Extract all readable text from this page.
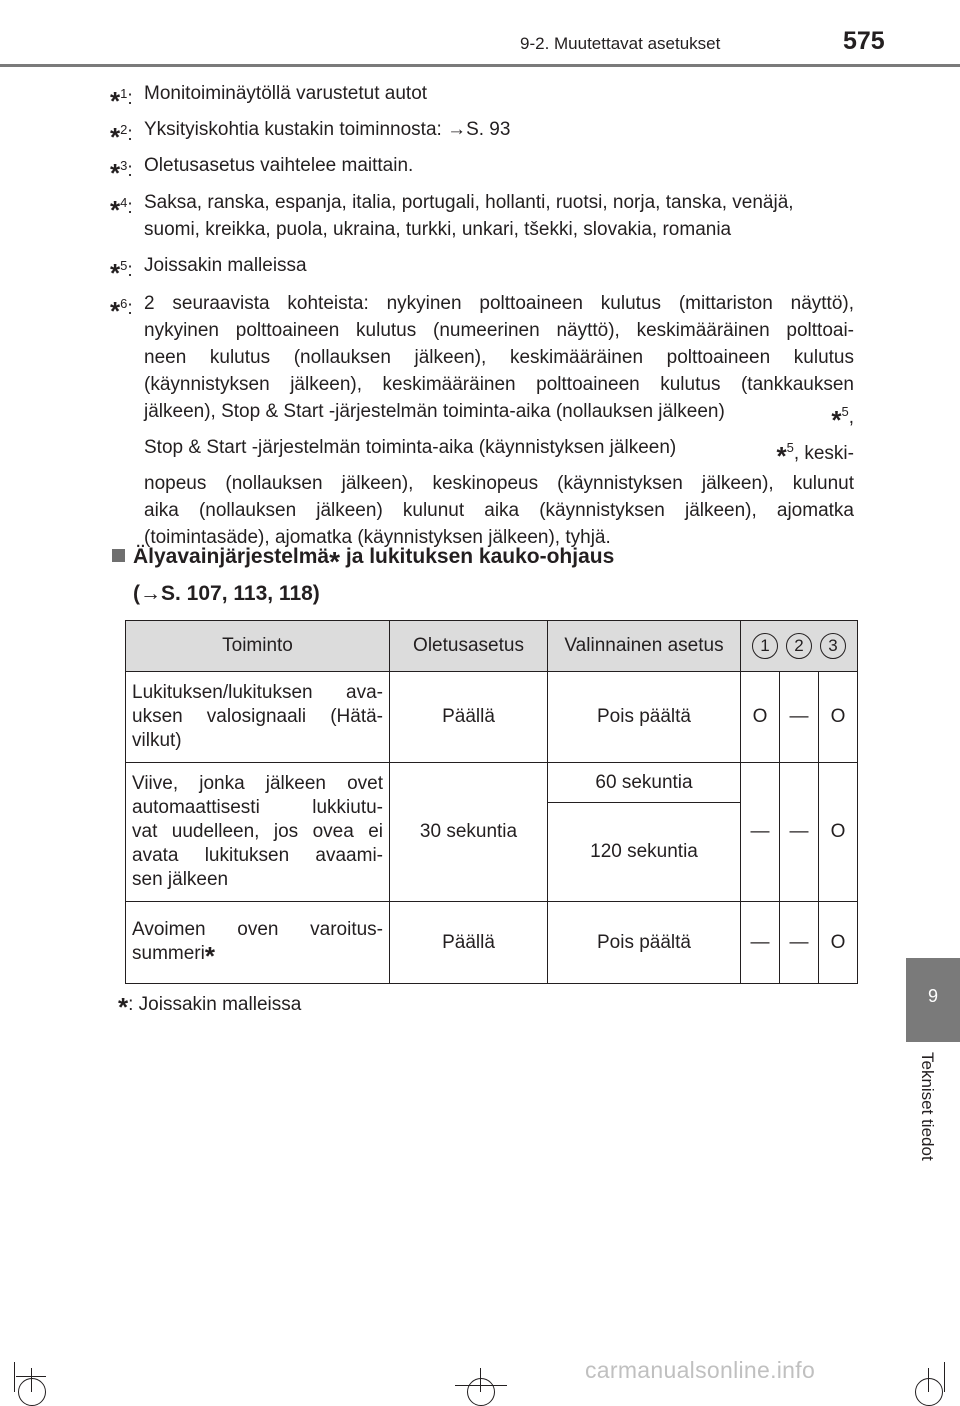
9-2. Muutettavat asetukset	575
*$^1$: Monitoiminäytöllä varustetut autot
*$^2$: Yksityiskohtia kustakin toiminnosta: →S. 93
*$^3$: Oletusasetus vaihtelee maittain.
*$^4$: Saksa, ranska, espanja, italia, portugali, hollanti, ruotsi, norja, tanska, venäjä,
suomi, kreikka, puola, ukraina, turkki, unkari, tšekki, slovakia, romania
*$^5$: Joissakin malleissa
*$^6$: 2 seuraavista kohteista: nykyinen polttoaineen kulutus (mittariston näyttö),
nykyinen polttoaineen kulutus (numeerinen näyttö), keskimääräinen polttoai-
neen kulutus (nollauksen jälkeen), keskimääräinen polttoaineen kulutus
(käynnistyksen jälkeen), keskimääräinen polttoaineen kulutus (tankkauksen
jälkeen), Stop & Start -järjestelmän toiminta-aika (nollauksen jälkeen)	*$^5$,
Stop & Start -järjestelmän toiminta-aika (käynnistyksen jälkeen)	*$^5$, keski-
nopeus (nollauksen jälkeen), keskinopeus (käynnistyksen jälkeen), kulunut
aika (nollauksen jälkeen) kulunut aika (käynnistyksen jälkeen), ajomatka
(toimintasäde), ajomatka (käynnistyksen jälkeen), tyhjä.
Älyavainjärjestelmä* ja lukituksen kauko-ohjaus
(→S. 107, 113, 118)
Toiminto	Oletusasetus	Valinnainen asetus	1 2 3		

Lukituksen/lukituksen ava-
uksen valosignaali (Hätä-
vilkut)	Päällä	Pois päältä	O	—	O

Viive, jonka jälkeen ovet
automaattisesti lukkiutu-
vat uudelleen, jos ovea ei
avata lukituksen avaami-
sen jälkeen	30 sekuntia	60 sekuntia	—	—	O
		120 sekuntia			

Avoimen oven varoitus-
summeri*	Päällä	Pois päältä	—	—	O
*: Joissakin malleissa	9
Tekniset tiedot
carmanualsonline.info
